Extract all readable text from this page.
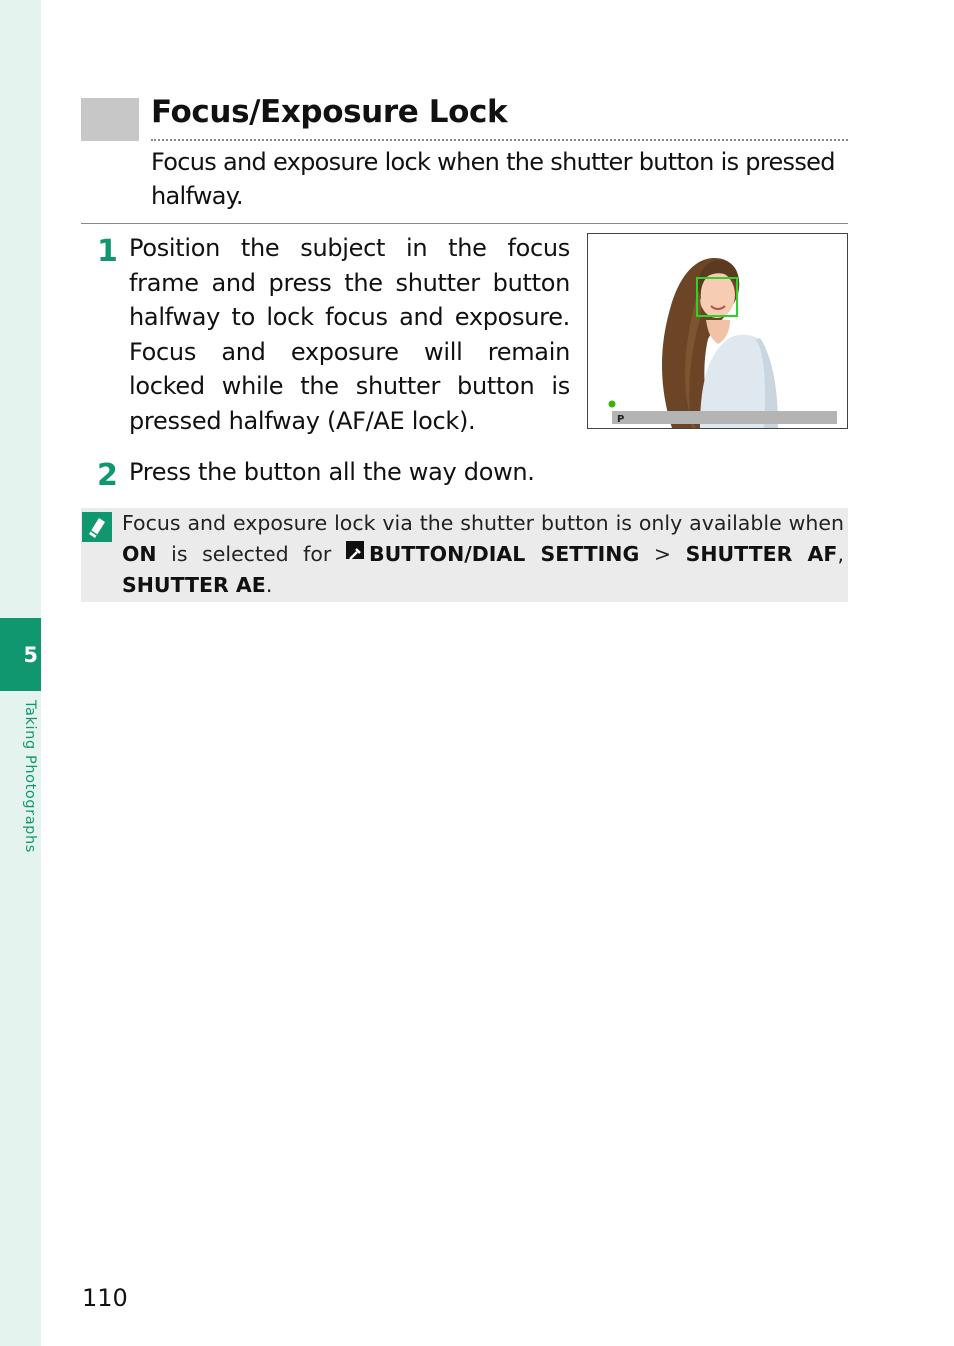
5
Taking Photographs
Focus/Exposure Lock

Focus and exposure lock when the shutter button is pressed halfway.

1 Position the subject in the focus frame and press the shutter button halfway to lock focus and exposure. Focus and exposure will remain locked while the shutter button is pressed halfway (AF/AE lock).	P
2 Press the button all the way down.

Focus and exposure lock via the shutter button is only available when ON is selected for BUTTON/DIAL SETTING > SHUTTER AF, SHUTTER AE.

110
